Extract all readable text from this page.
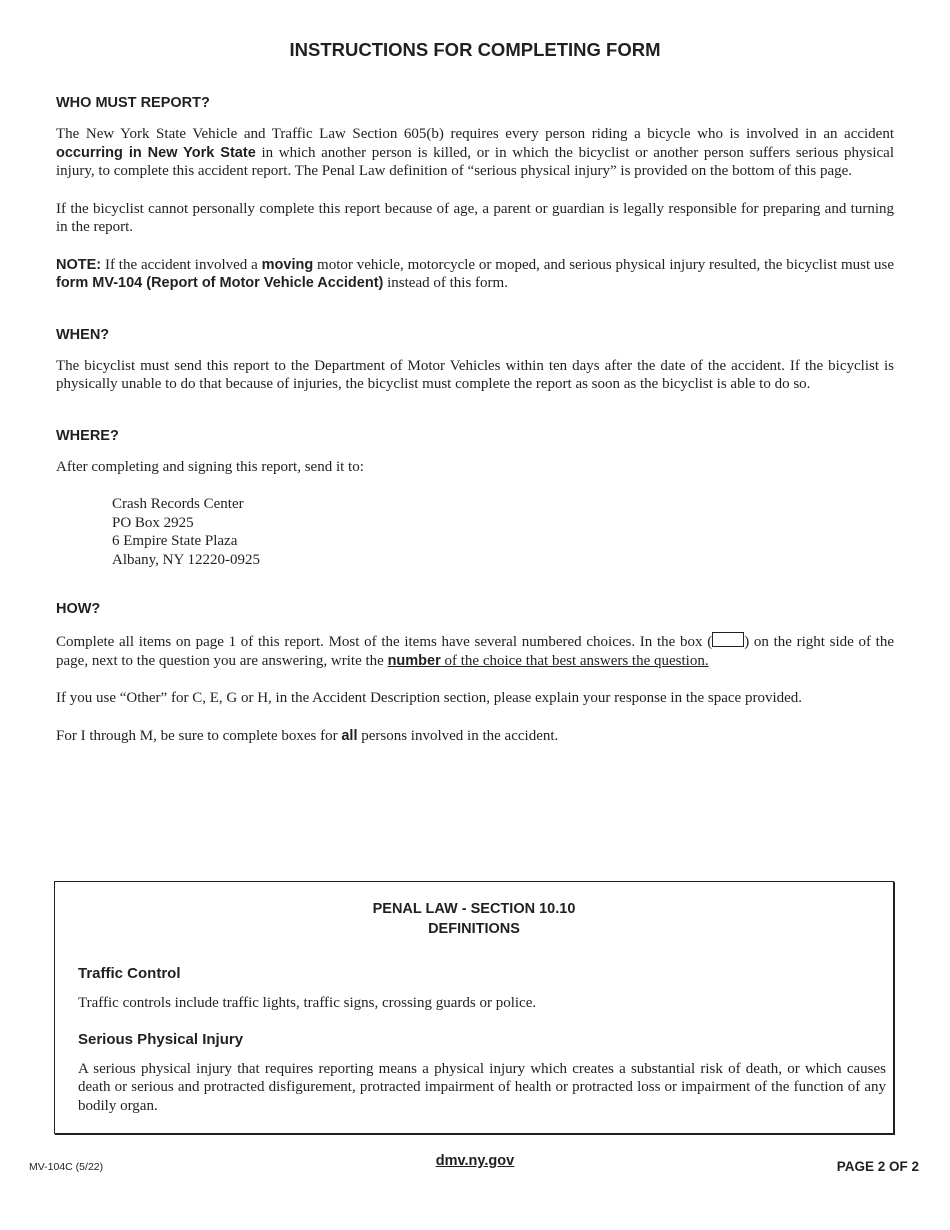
INSTRUCTIONS FOR COMPLETING FORM
WHO MUST REPORT?

The New York State Vehicle and Traffic Law Section 605(b) requires every person riding a bicycle who is involved in an accident occurring in New York State in which another person is killed, or in which the bicyclist or another person suffers serious physical injury, to complete this accident report. The Penal Law definition of “serious physical injury” is provided on the bottom of this page.

If the bicyclist cannot personally complete this report because of age, a parent or guardian is legally responsible for preparing and turning in the report.

NOTE: If the accident involved a moving motor vehicle, motorcycle or moped, and serious physical injury resulted, the bicyclist must use form MV-104 (Report of Motor Vehicle Accident) instead of this form.

WHEN?

The bicyclist must send this report to the Department of Motor Vehicles within ten days after the date of the accident. If the bicyclist is physically unable to do that because of injuries, the bicyclist must complete the report as soon as the bicyclist is able to do so.

WHERE?

After completing and signing this report, send it to:

Crash Records Center

PO Box 2925

6 Empire State Plaza

Albany, NY 12220-0925

HOW?

Complete all items on page 1 of this report. Most of the items have several numbered choices. In the box ( ) on the right side of the page, next to the question you are answering, write the number of the choice that best answers the question.

If you use “Other” for C, E, G or H, in the Accident Description section, please explain your response in the space provided.

For I through M, be sure to complete boxes for all persons involved in the accident.

PENAL LAW - SECTION 10.10
DEFINITIONS
Traffic Control

Traffic controls include traffic lights, traffic signs, crossing guards or police.

Serious Physical Injury

A serious physical injury that requires reporting means a physical injury which creates a substantial risk of death, or which causes death or serious and protracted disfigurement, protracted impairment of health or protracted loss or impairment of the function of any bodily organ.

MV-104C (5/22)	dmv.ny.gov	PAGE 2 OF 2
